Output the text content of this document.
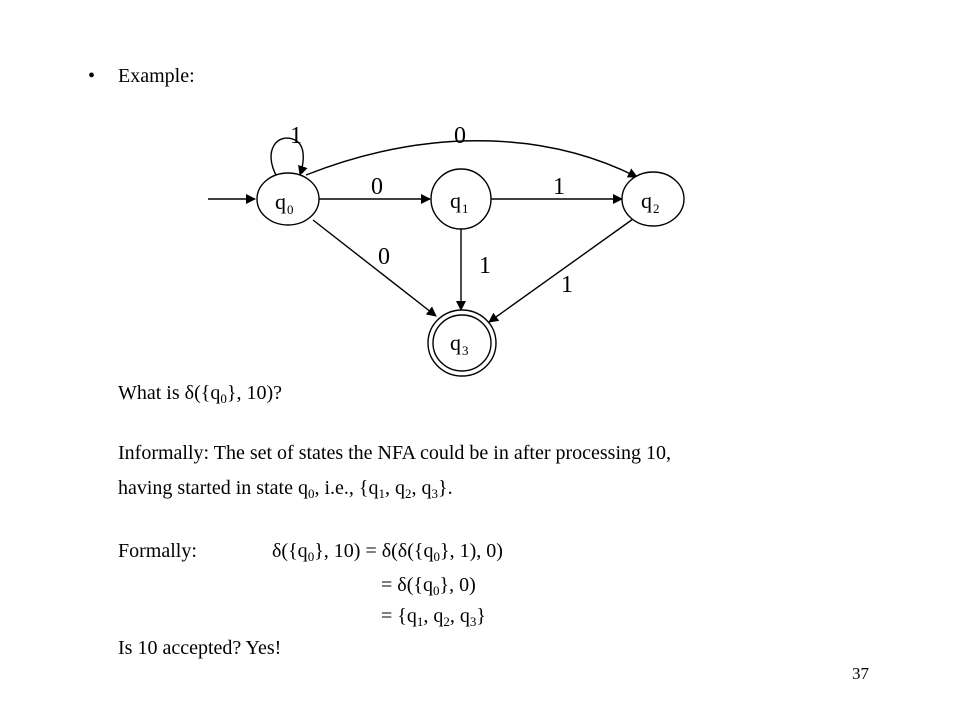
• Example:
q 0	q 1	q 2
q 3
1	0
0	1
0	1
1
What is $\delta(\{q_0\}$, 10)?
Informally: The set of states the NFA could be in after processing 10,
having started in state $q_0$, i.e., {$q_1$, $q_2$, $q_3$}.
Formally:	$\delta(\{q_0\}$, $10) = \delta(\delta(\{q_0\}$, 1), 0)
= $\delta(\{q_0\}$, 0)
= {$q_1$, $q_2$, $q_3$}
Is 10 accepted? Yes!
37
